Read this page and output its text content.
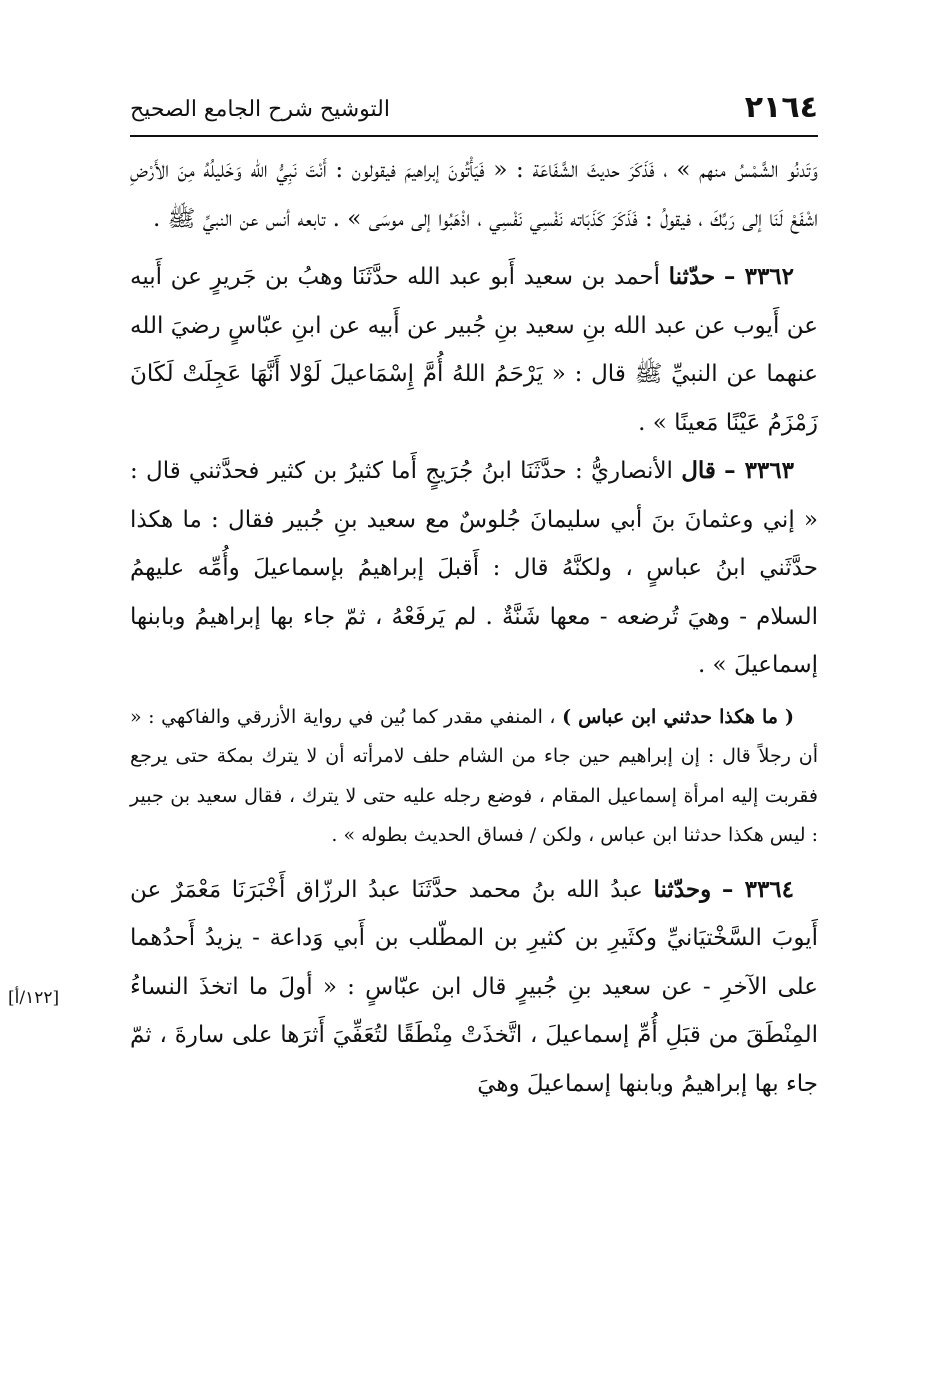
٢١٦٤
التوشيح شرح الجامع الصحيح

وَتَدنُو الشَّمْسُ منهم » ، فَذَكَرَ حديثَ الشَّفَاعَة : « فَيَأْتُونَ إبراهيمَ فيقولون : أَنْتَ نَبِيُّ الله وَخَليلُهُ مِنَ الأَرْضِ اشْفَعْ لَنَا إلى رَبِّكَ ، فيقولُ : فَذَكَرَ كَذَبَاته نَفْسِي نَفْسِي ، اذْهَبُوا إلى موسَى » . تابعه أنس عن النبيِّ ﷺ .

٣٣٦٢ – حدّثنا أحمد بن سعيد أَبو عبد الله حدَّثَنَا وهبُ بن جَريرٍ عن أَبيه عن أَيوب عن عبد الله بنِ سعيد بنِ جُبير عن أَبيه عن ابنِ عبّاسٍ رضيَ الله عنهما عن النبيِّ ﷺ قال : « يَرْحَمُ اللهُ أُمَّ إِسْمَاعيلَ لَوْلا أَنَّهَا عَجِلَتْ لَكَانَ زَمْزَمُ عَيْنًا مَعينًا » .

٣٣٦٣ – قال الأنصاريُّ : حدَّثَنَا ابنُ جُرَيجٍ أَما كثيرُ بن كثير فحدَّثني قال : « إني وعثمانَ بنَ أبي سليمانَ جُلوسٌ مع سعيد بنِ جُبير فقال : ما هكذا حدَّثَني ابنُ عباسٍ ، ولكنَّهُ قال : أَقبلَ إبراهيمُ بإسماعيلَ وأُمِّه عليهمُ السلام - وهيَ تُرضعه - معها شَنَّةٌ . لم يَرفَعْهُ ، ثمّ جاء بها إبراهيمُ وبابنها إسماعيلَ » .

( ما هكذا حدثني ابن عباس ) ، المنفي مقدر كما بُين في رواية الأزرقي والفاكهي : « أن رجلاً قال : إن إبراهيم حين جاء من الشام حلف لامرأته أن لا يترك بمكة حتى يرجع فقربت إليه امرأة إسماعيل المقام ، فوضع رجله عليه حتى لا يترك ، فقال سعيد بن جبير : ليس هكذا حدثنا ابن عباس ، ولكن / فساق الحديث بطوله » .

٣٣٦٤ – وحدّثنا عبدُ الله بنُ محمد حدَّثَنَا عبدُ الرزّاق أَخْبَرَنَا مَعْمَرٌ عن أَيوبَ السَّخْتيَانيِّ وكثَيرِ بن كثيرِ بن المطّلب بن أَبي وَداعة - يزيدُ أَحدُهما على الآخرِ - عن سعيد بنِ جُبيرٍ قال ابن عبّاسٍ : « أولَ ما اتخذَ النساءُ المِنْطَقَ من قبَلِ أُمِّ إسماعيلَ ، اتَّخذَتْ مِنْطَقًا لتُعَفِّيَ أَثرَها على سارةَ ، ثمّ جاء بها إبراهيمُ وبابنها إسماعيلَ وهيَ

[١٢٢/أ]
